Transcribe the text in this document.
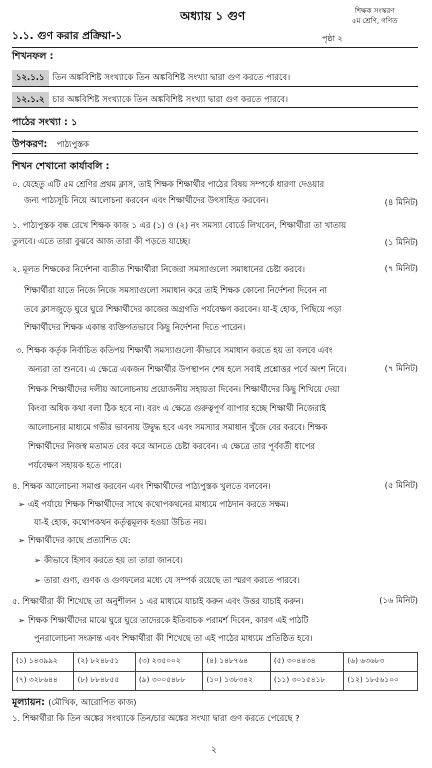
অধ্যায় ১ গুণ	শিক্ষক সংস্করণ
৫ম শ্রেণি, গণিত
১.১. গুণ করার প্রক্রিয়া-১	পৃষ্ঠা ২
শিখনফল :
১২.১.১ তিন অঙ্কবিশিষ্ট সংখ্যাকে তিন অঙ্কবিশিষ্ট সংখ্যা দ্বারা গুণ করতে পারবে।
১২.১.২ চার অঙ্কবিশিষ্ট সংখ্যাকে তিন অঙ্কবিশিষ্ট সংখ্যা দ্বারা গুণ করতে পারবে।
পাঠের সংখ্যা : ১
উপকরণ: পাঠ্যপুস্তক
শিখন শেখানো কার্যাবলি :
০. যেহেতু এটি ৫ম শ্রেণির প্রথম ক্লাস, তাই শিক্ষক শিক্ষার্থীর পাঠের বিষয় সম্পর্কে ধারণা দেওয়ার
জন্য পাঠ্যসূচি নিয়ে আলোচনা করবেন এবং শিক্ষার্থীদের উৎসাহিত করবেন।	(৪ মিনিট)
১. পাঠ্যপুস্তক বন্ধ রেখে শিক্ষক কাজ ১ এর (১) ও (২) নং সমস্যা বোর্ডে লিখবেন, শিক্ষার্থীরা তা খাতায়
তুলবে। এতে তারা বুঝবে আজ তারা কী পড়তে যাচ্ছে।	(১ মিনিট)
২. মূলত শিক্ষকের নির্দেশনা ব্যতীত শিক্ষার্থীরা নিজেরা সমস্যাগুলো সমাধানের চেষ্টা করবে।	(৭ মিনিট)
শিক্ষার্থীরা যাতে নিজে নিজে সমস্যাগুলো সমাধান করে তাই শিক্ষক কোনো নির্দেশনা দিবেন না
তবে ক্লাসজুড়ে ঘুরে ঘুরে শিক্ষার্থীদের কাজের অগ্রগতি পর্যবেক্ষণ করবেন। যা-ই হোক, পিছিয়ে পড়া
শিক্ষার্থীদের শিক্ষক একান্ত ব্যক্তিগতভাবে কিছু নির্দেশনা দিতে পারেন।
৩. শিক্ষক কর্তৃক নির্বাচিত কতিপয় শিক্ষার্থী সমস্যাগুলো কীভাবে সমাধান করতে হয় তা বলবে এবং
অন্যরা তা শুনবে। এ ক্ষেত্রে একজন শিক্ষার্থীর উপস্থাপন শেষ হলে সবাই প্রশ্নোত্তর পর্বে অংশ নিবে।	(৭ মিনিট)
শিক্ষক শিক্ষার্থীদের দলীয় আলোচনায় প্রয়োজনীয় সহায়তা দিবেন। শিক্ষার্থীদের কিছু শিখিয়ে দেয়া
কিংবা অধিক কথা বলা ঠিক হবে না। বরং এ ক্ষেত্রে গুরুত্বপূর্ণ ব্যাপার হচ্ছে শিক্ষার্থী নিজেরাই
আলোচনার মাধ্যমে গভীর ভাবনায় উদ্বুদ্ধ হবে এবং সমস্যার সমাধান খুঁজে বের করবে। শিক্ষক
শিক্ষার্থীদের নিজস্ব মতামত বের করে আনতে চেষ্টা করবেন। এ ক্ষেত্রে তার পূর্ববর্তী ধাপের
পর্যবেক্ষণ সহায়ক হতে পারে।
৪. শিক্ষক আলোচনা সমাপ্ত করবেন এবং শিক্ষার্থীদের পাঠ্যপুস্তক খুলতে বলবেন।	(৫ মিনিট)
➢ এই পর্যায়ে শিক্ষক শিক্ষার্থীদের সাথে কথোপকথনের মাধ্যমে পাঠদান করতে সক্ষম।
যা-ই হোক, কথোপকথন কর্তৃত্বমূলক হওয়া উচিত নয়।
➢ শিক্ষার্থীদের কাছে প্রত্যাশিত যে:
➢ কীভাবে হিসাব করতে হয় তা তারা জানবে।
➢ তারা গুণ্য, গুণক ও গুণফলের মধ্যে যে সম্পর্ক রয়েছে তা স্মরণ করতে পারবে।
৫. শিক্ষার্থীরা কী শিখেছে তা অনুশীলন ১ এর মাধ্যমে যাচাই করুন এবং উত্তর যাচাই করুন।	(১৬ মিনিট)
➢ শিক্ষক শিক্ষার্থীদের মাঝে ঘুরে ঘুরে তাদেরকে ইতিবাচক পরামর্শ দিবেন, কারণ এই পাঠটি
পুনরালোচনা সংক্রান্ত এবং শিক্ষার্থীরা কী শিখেছে তা এই পাঠের মাধ্যমে প্রতিষ্ঠিত হবে।
(১) ১৪৩৯৯২	(২) ৮২৪৮৫১	(৩) ২৩৫০০২	(৪) ১৪৮৭৬৪	(৫) ৩০৪৪৩৪	(৬) ৬৩৬৮৩
(৭) ৩২৮৬৪৪	(৮) ৮৮৪৮৫৫	(৯) ৩০০৫৪৮৮	(১০) ১৩৮৩৪২	(১১) ৩০১৫৪১৮	(১২) ১৮৫৬১০০
মূল্যায়ন: (মৌখিক, আরোপিত কাজ)
১. শিক্ষার্থীরা কি তিন অঙ্কের সংখ্যাকে তিন/চার অঙ্কের সংখ্যা দ্বারা গুণ করতে পেরেছে ?
২
